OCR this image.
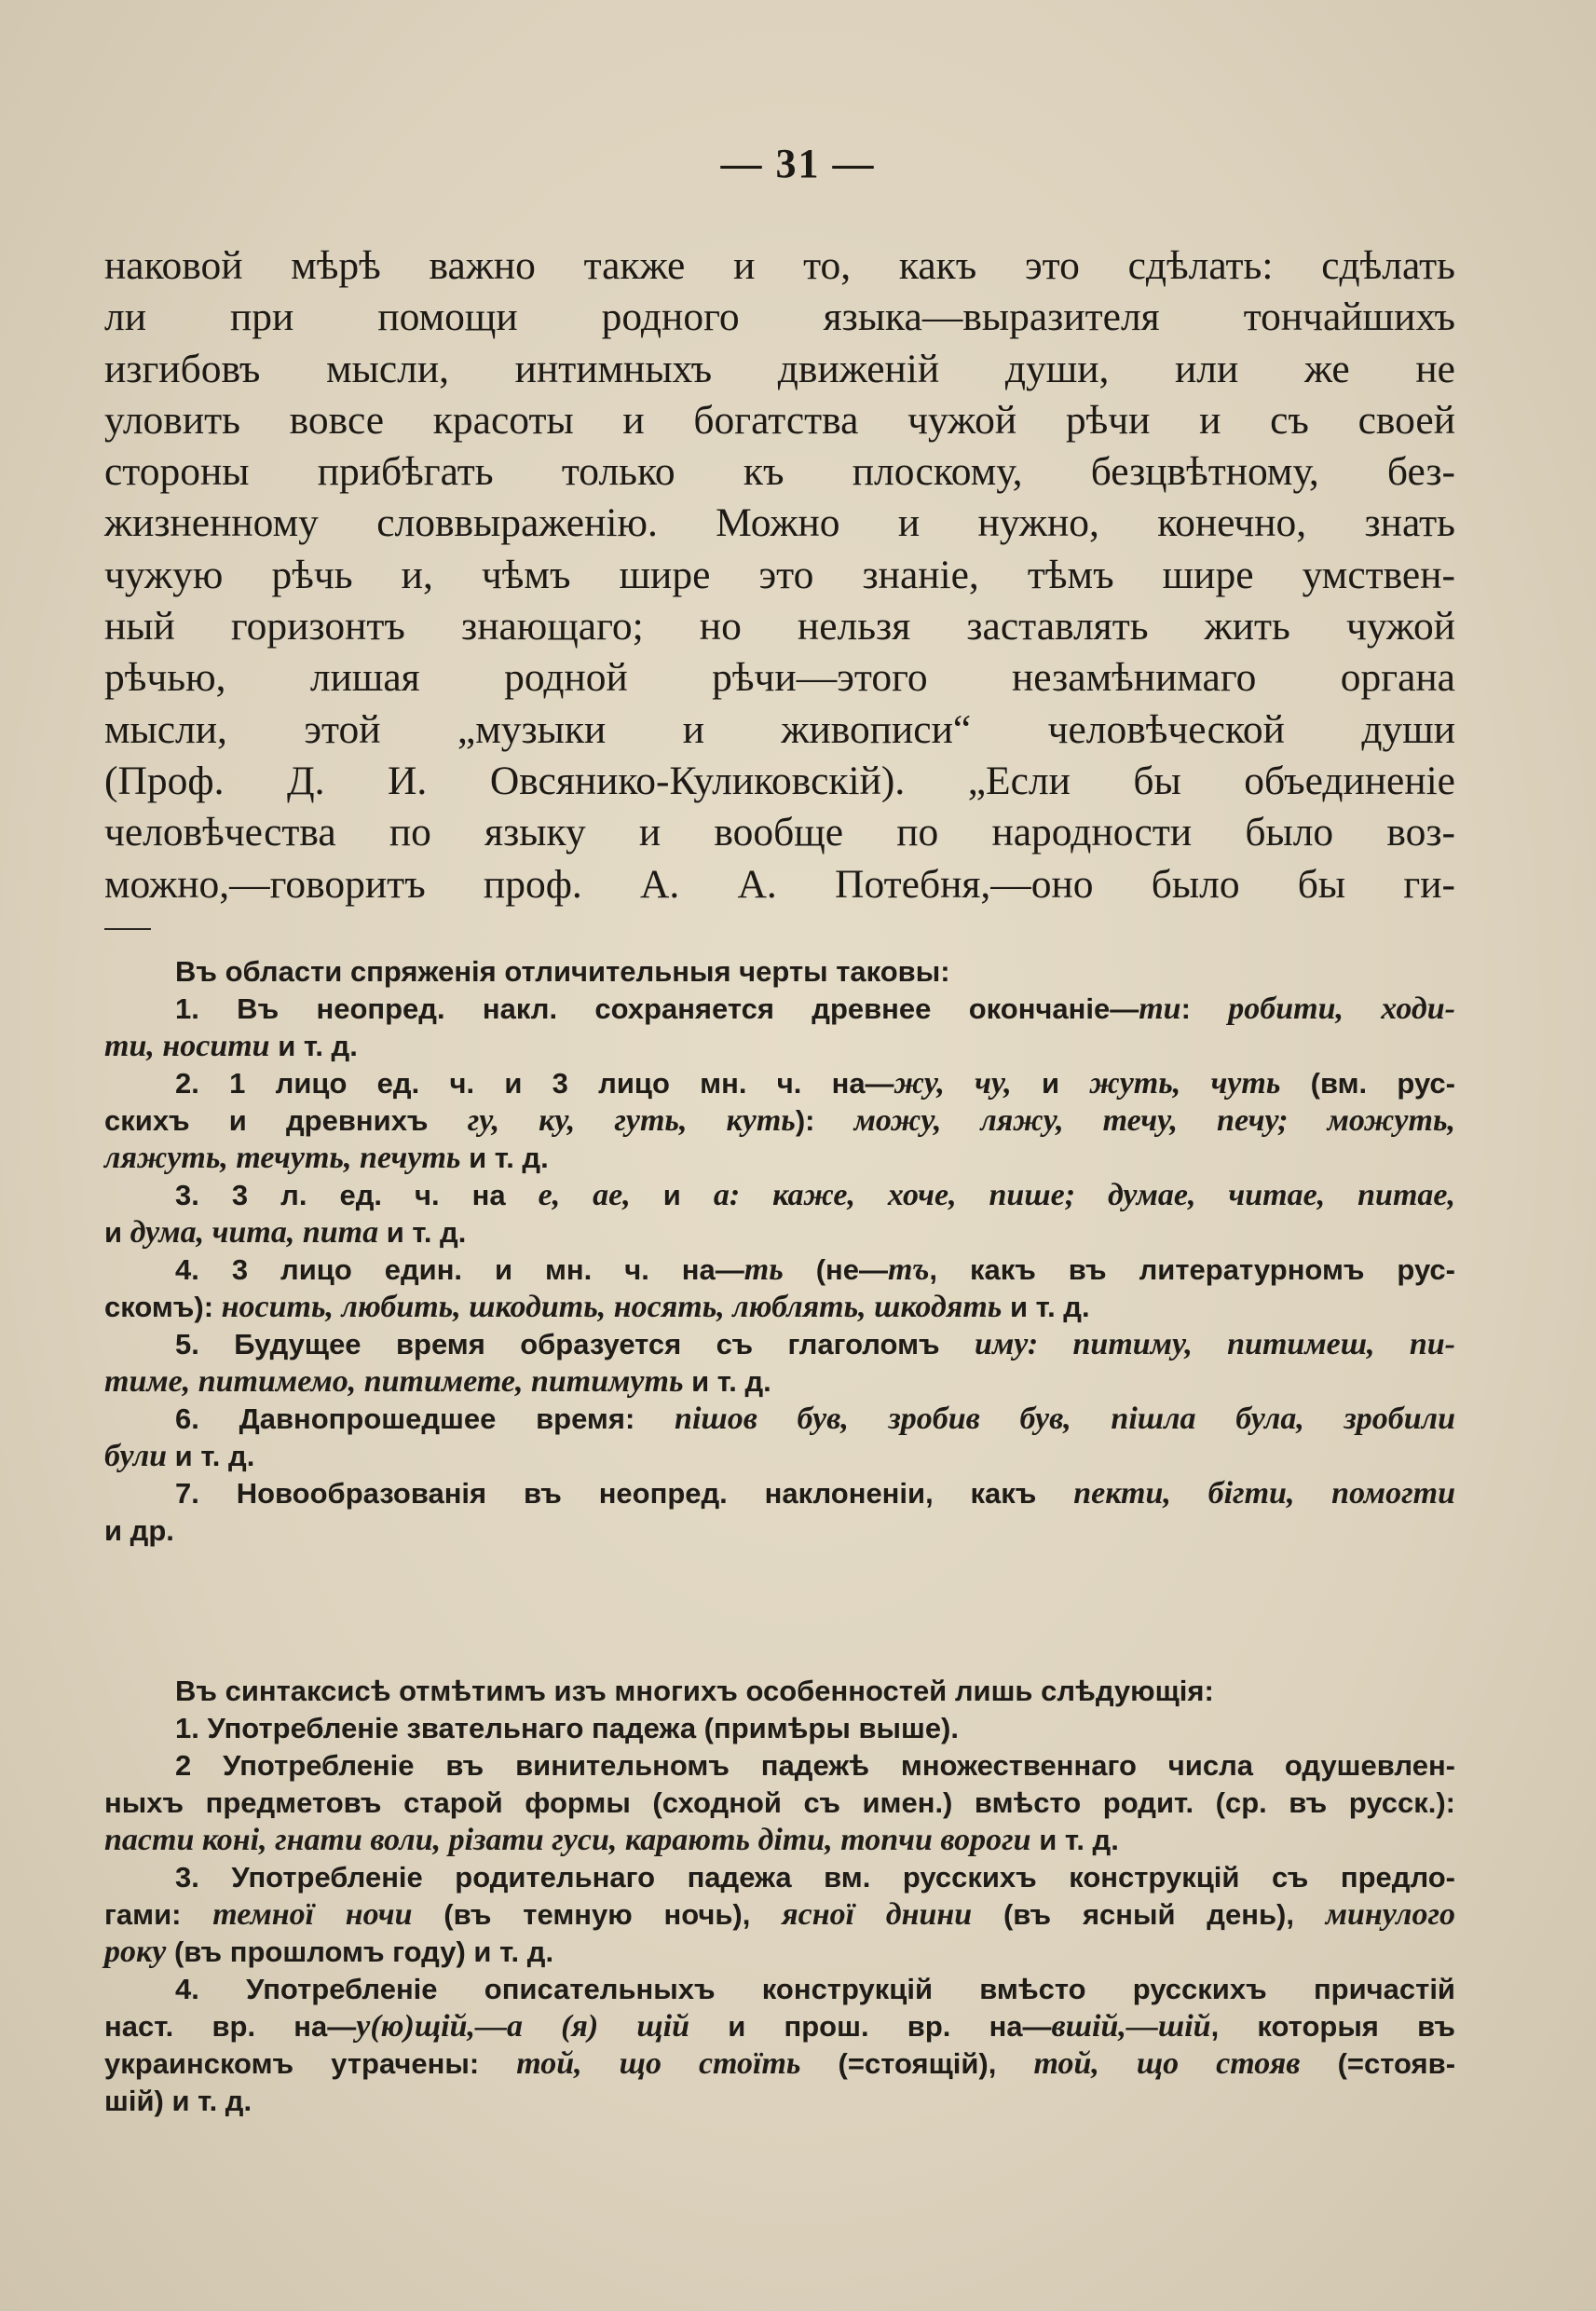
— 31 —
наковой мѣрѣ важно также и то, какъ это сдѣлать: сдѣлать
ли при помощи родного языка—выразителя тончайшихъ
изгибовъ мысли, интимныхъ движеній души, или же не
уловить вовсе красоты и богатства чужой рѣчи и съ своей
стороны прибѣгать только къ плоскому, безцвѣтному, без-
жизненному словвыраженію. Можно и нужно, конечно, знать
чужую рѣчь и, чѣмъ шире это знаніе, тѣмъ шире умствен-
ный горизонтъ знающаго; но нельзя заставлять жить чужой
рѣчью, лишая родной рѣчи—этого незамѣнимаго органа
мысли, этой „музыки и живописи“ человѣческой души
(Проф. Д. И. Овсянико-Куликовскій). „Если бы объединеніе
человѣчества по языку и вообще по народности было воз-
можно,—говоритъ проф. А. А. Потебня,—оно было бы ги-
Въ области спряженія отличительныя черты таковы:
1. Въ неопред. накл. сохраняется древнее окончаніе—ти: робити, ходи-
ти, носити и т. д.
2. 1 лицо ед. ч. и 3 лицо мн. ч. на—жу, чу, и жуть, чуть (вм. рус-
скихъ и древнихъ гу, ку, гуть, куть): можу, ляжу, течу, печу; можуть,
ляжуть, течуть, печуть и т. д.
3. 3 л. ед. ч. на е, ае, и а: каже, хоче, пише; думае, читае, питае,
и дума, чита, пита и т. д.
4. 3 лицо един. и мн. ч. на—ть (не—тъ, какъ въ литературномъ рус-
скомъ): носить, любить, шкодить, носять, люблять, шкодять и т. д.
5. Будущее время образуется съ глаголомъ иму: питиму, питимеш, пи-
тиме, питимемо, питимете, питимуть и т. д.
6. Давнопрошедшее время: пішов був, зробив був, пішла була, зробили
були и т. д.
7. Новообразованія въ неопред. наклоненіи, какъ пекти, бігти, помогти
и др.
Въ синтаксисѣ отмѣтимъ изъ многихъ особенностей лишь слѣдующія:
1. Употребленіе звательнаго падежа (примѣры выше).
2 Употребленіе въ винительномъ падежѣ множественнаго числа одушевлен-
ныхъ предметовъ старой формы (сходной съ имен.) вмѣсто родит. (ср. въ русск.):
пасти коні, гнати воли, різати гуси, карають діти, топчи вороги и т. д.
3. Употребленіе родительнаго падежа вм. русскихъ конструкцій съ предло-
гами: темної ночи (въ темную ночь), ясної днини (въ ясный день), минулого
року (въ прошломъ году) и т. д.
4. Употребленіе описательныхъ конструкцій вмѣсто русскихъ причастій
наст. вр. на—у(ю)щій,—а (я) щій и прош. вр. на—вшій,—шій, которыя въ
украинскомъ утрачены: той, що стоїть (=стоящій), той, що стояв (=стояв-
шій) и т. д.
